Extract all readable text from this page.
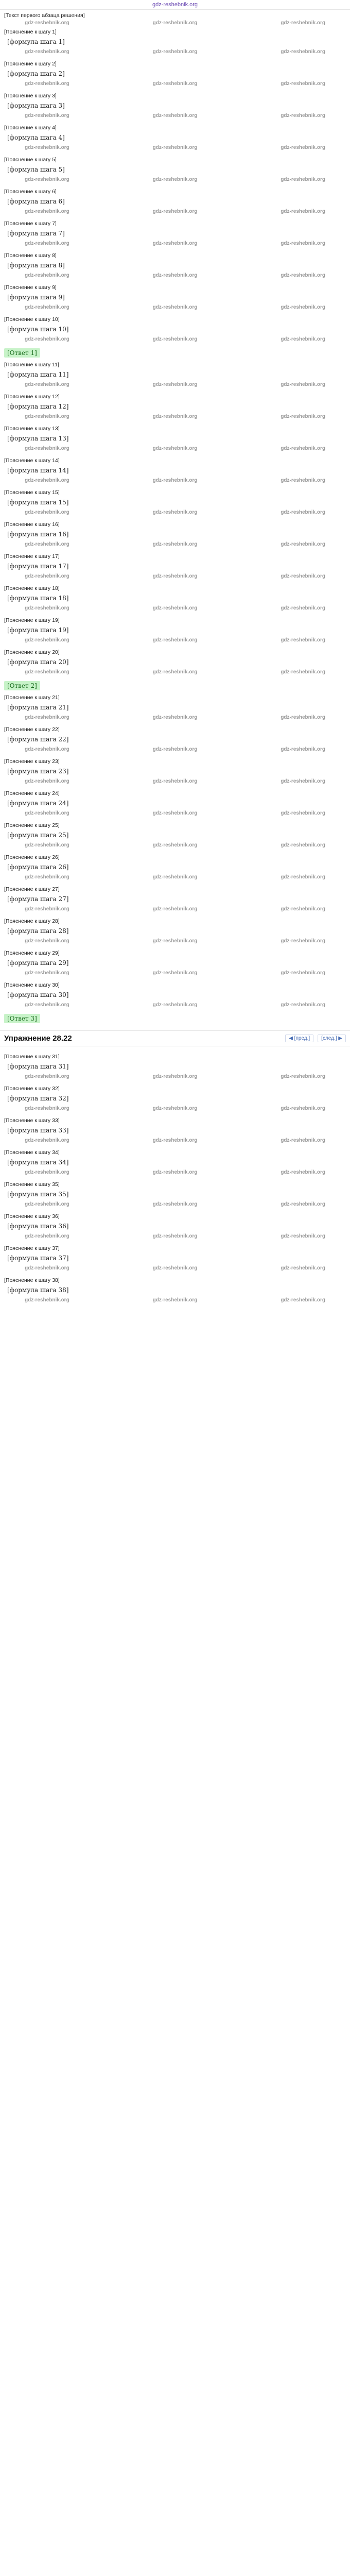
gdz-reshebnik.org

[Текст первого абзаца решения]

gdz-reshebnik.org	gdz-reshebnik.org	gdz-reshebnik.org

[Пояснение к шагу 1]

[формула шага 1]
gdz-reshebnik.org	gdz-reshebnik.org	gdz-reshebnik.org

[Пояснение к шагу 2]

[формула шага 2]
gdz-reshebnik.org	gdz-reshebnik.org	gdz-reshebnik.org

[Пояснение к шагу 3]

[формула шага 3]
gdz-reshebnik.org	gdz-reshebnik.org	gdz-reshebnik.org

[Пояснение к шагу 4]

[формула шага 4]
gdz-reshebnik.org	gdz-reshebnik.org	gdz-reshebnik.org

[Пояснение к шагу 5]

[формула шага 5]
gdz-reshebnik.org	gdz-reshebnik.org	gdz-reshebnik.org

[Пояснение к шагу 6]

[формула шага 6]
gdz-reshebnik.org	gdz-reshebnik.org	gdz-reshebnik.org

[Пояснение к шагу 7]

[формула шага 7]
gdz-reshebnik.org	gdz-reshebnik.org	gdz-reshebnik.org

[Пояснение к шагу 8]

[формула шага 8]
gdz-reshebnik.org	gdz-reshebnik.org	gdz-reshebnik.org

[Пояснение к шагу 9]

[формула шага 9]
gdz-reshebnik.org	gdz-reshebnik.org	gdz-reshebnik.org

[Пояснение к шагу 10]

[формула шага 10]
gdz-reshebnik.org	gdz-reshebnik.org	gdz-reshebnik.org
[Ответ 1]

[Пояснение к шагу 11]

[формула шага 11]
gdz-reshebnik.org	gdz-reshebnik.org	gdz-reshebnik.org

[Пояснение к шагу 12]

[формула шага 12]
gdz-reshebnik.org	gdz-reshebnik.org	gdz-reshebnik.org

[Пояснение к шагу 13]

[формула шага 13]
gdz-reshebnik.org	gdz-reshebnik.org	gdz-reshebnik.org

[Пояснение к шагу 14]

[формула шага 14]
gdz-reshebnik.org	gdz-reshebnik.org	gdz-reshebnik.org

[Пояснение к шагу 15]

[формула шага 15]
gdz-reshebnik.org	gdz-reshebnik.org	gdz-reshebnik.org

[Пояснение к шагу 16]

[формула шага 16]
gdz-reshebnik.org	gdz-reshebnik.org	gdz-reshebnik.org

[Пояснение к шагу 17]

[формула шага 17]
gdz-reshebnik.org	gdz-reshebnik.org	gdz-reshebnik.org

[Пояснение к шагу 18]

[формула шага 18]
gdz-reshebnik.org	gdz-reshebnik.org	gdz-reshebnik.org

[Пояснение к шагу 19]

[формула шага 19]
gdz-reshebnik.org	gdz-reshebnik.org	gdz-reshebnik.org

[Пояснение к шагу 20]

[формула шага 20]
gdz-reshebnik.org	gdz-reshebnik.org	gdz-reshebnik.org
[Ответ 2]

[Пояснение к шагу 21]

[формула шага 21]
gdz-reshebnik.org	gdz-reshebnik.org	gdz-reshebnik.org

[Пояснение к шагу 22]

[формула шага 22]
gdz-reshebnik.org	gdz-reshebnik.org	gdz-reshebnik.org

[Пояснение к шагу 23]

[формула шага 23]
gdz-reshebnik.org	gdz-reshebnik.org	gdz-reshebnik.org

[Пояснение к шагу 24]

[формула шага 24]
gdz-reshebnik.org	gdz-reshebnik.org	gdz-reshebnik.org

[Пояснение к шагу 25]

[формула шага 25]
gdz-reshebnik.org	gdz-reshebnik.org	gdz-reshebnik.org

[Пояснение к шагу 26]

[формула шага 26]
gdz-reshebnik.org	gdz-reshebnik.org	gdz-reshebnik.org

[Пояснение к шагу 27]

[формула шага 27]
gdz-reshebnik.org	gdz-reshebnik.org	gdz-reshebnik.org

[Пояснение к шагу 28]

[формула шага 28]
gdz-reshebnik.org	gdz-reshebnik.org	gdz-reshebnik.org

[Пояснение к шагу 29]

[формула шага 29]
gdz-reshebnik.org	gdz-reshebnik.org	gdz-reshebnik.org

[Пояснение к шагу 30]

[формула шага 30]
gdz-reshebnik.org	gdz-reshebnik.org	gdz-reshebnik.org
[Ответ 3]
Упражнение 28.22	◀ [пред.]	[след.] ▶

[Пояснение к шагу 31]

[формула шага 31]
gdz-reshebnik.org	gdz-reshebnik.org	gdz-reshebnik.org

[Пояснение к шагу 32]

[формула шага 32]
gdz-reshebnik.org	gdz-reshebnik.org	gdz-reshebnik.org

[Пояснение к шагу 33]

[формула шага 33]
gdz-reshebnik.org	gdz-reshebnik.org	gdz-reshebnik.org

[Пояснение к шагу 34]

[формула шага 34]
gdz-reshebnik.org	gdz-reshebnik.org	gdz-reshebnik.org

[Пояснение к шагу 35]

[формула шага 35]
gdz-reshebnik.org	gdz-reshebnik.org	gdz-reshebnik.org

[Пояснение к шагу 36]

[формула шага 36]
gdz-reshebnik.org	gdz-reshebnik.org	gdz-reshebnik.org

[Пояснение к шагу 37]

[формула шага 37]
gdz-reshebnik.org	gdz-reshebnik.org	gdz-reshebnik.org

[Пояснение к шагу 38]

[формула шага 38]
gdz-reshebnik.org	gdz-reshebnik.org	gdz-reshebnik.org
